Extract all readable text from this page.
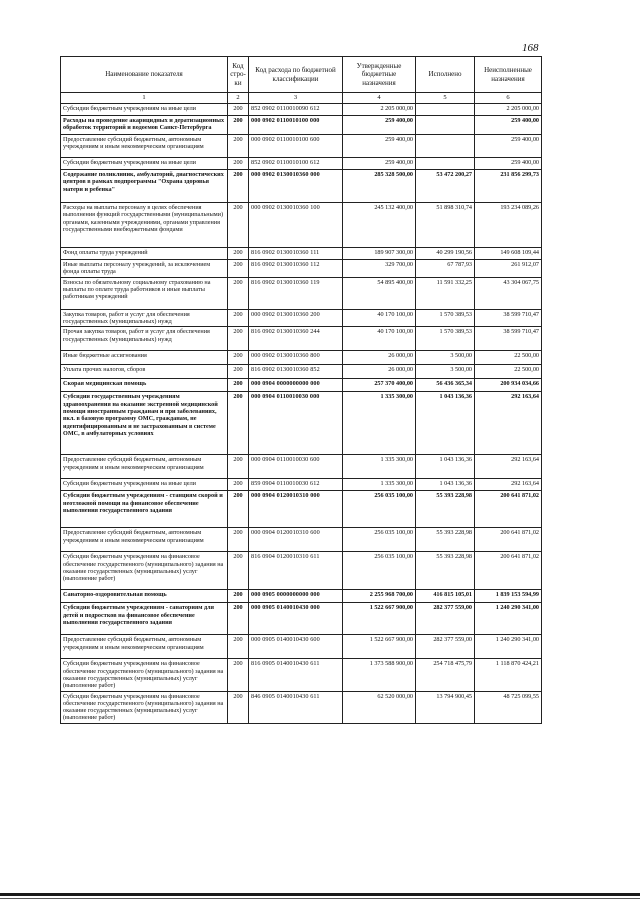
168
Наименование показателя	Код стро-ки	Код расхода по бюджетной классификации	Утвержденные бюджетные назначения	Исполнено	Неисполненные назначения
1	2	3	4	5	6
Субсидии бюджетным учреждениям на иные цели	200	852 0902 0110010090 612	2 205 000,00		2 205 000,00
Расходы на проведение акарицидных и дератизационных обработок территорий и водоемов Санкт-Петербурга	200	000 0902 0110010100 000	259 400,00		259 400,00
Предоставление субсидий бюджетным, автономным учреждениям и иным некоммерческим организациям	200	000 0902 0110010100 600	259 400,00		259 400,00
Субсидии бюджетным учреждениям на иные цели	200	852 0902 0110010100 612	259 400,00		259 400,00
Содержание поликлиник, амбулаторий, диагностических центров в рамках подпрограммы "Охрана здоровья матери и ребенка"	200	000 0902 0130010360 000	285 328 500,00	53 472 200,27	231 856 299,73
Расходы на выплаты персоналу в целях обеспечения выполнения функций государственными (муниципальными) органами, казенными учреждениями, органами управления государственными внебюджетными фондами	200	000 0902 0130010360 100	245 132 400,00	51 898 310,74	193 234 089,26
Фонд оплаты труда учреждений	200	816 0902 0130010360 111	189 907 300,00	40 299 190,56	149 608 109,44
Иные выплаты персоналу учреждений, за исключением фонда оплаты труда	200	816 0902 0130010360 112	329 700,00	67 787,93	261 912,07
Взносы по обязательному социальному страхованию на выплаты по оплате труда работников и иные выплаты работникам учреждений	200	816 0902 0130010360 119	54 895 400,00	11 591 332,25	43 304 067,75
Закупка товаров, работ и услуг для обеспечения государственных (муниципальных) нужд	200	000 0902 0130010360 200	40 170 100,00	1 570 389,53	38 599 710,47
Прочая закупка товаров, работ и услуг для обеспечения государственных (муниципальных) нужд	200	816 0902 0130010360 244	40 170 100,00	1 570 389,53	38 599 710,47
Иные бюджетные ассигнования	200	000 0902 0130010360 800	26 000,00	3 500,00	22 500,00
Уплата прочих налогов, сборов	200	816 0902 0130010360 852	26 000,00	3 500,00	22 500,00
Скорая медицинская помощь	200	000 0904 0000000000 000	257 370 400,00	56 436 365,34	200 934 034,66
Субсидии государственным учреждениям здравоохранения на оказание экстренной медицинской помощи иностранным гражданам и при заболеваниях, вкл. в базовую программу ОМС, гражданам, не идентифицированным и не застрахованным в системе ОМС, в амбулаторных условиях	200	000 0904 0110010030 000	1 335 300,00	1 043 136,36	292 163,64
Предоставление субсидий бюджетным, автономным учреждениям и иным некоммерческим организациям	200	000 0904 0110010030 600	1 335 300,00	1 043 136,36	292 163,64
Субсидии бюджетным учреждениям на иные цели	200	859 0904 0110010030 612	1 335 300,00	1 043 136,36	292 163,64
Субсидии бюджетным учреждениям - станциям скорой и неотложной помощи на финансовое обеспечение выполнения государственного задания	200	000 0904 0120010310 000	256 035 100,00	55 393 228,98	200 641 871,02
Предоставление субсидий бюджетным, автономным учреждениям и иным некоммерческим организациям	200	000 0904 0120010310 600	256 035 100,00	55 393 228,98	200 641 871,02
Субсидии бюджетным учреждениям на финансовое обеспечение государственного (муниципального) задания на оказание государственных (муниципальных) услуг (выполнение работ)	200	816 0904 0120010310 611	256 035 100,00	55 393 228,98	200 641 871,02
Санаторно-оздоровительная помощь	200	000 0905 0000000000 000	2 255 968 700,00	416 815 105,01	1 839 153 594,99
Субсидии бюджетным учреждениям - санаториям для детей и подростков на финансовое обеспечение выполнения государственного задания	200	000 0905 0140010430 000	1 522 667 900,00	282 377 559,00	1 240 290 341,00
Предоставление субсидий бюджетным, автономным учреждениям и иным некоммерческим организациям	200	000 0905 0140010430 600	1 522 667 900,00	282 377 559,00	1 240 290 341,00
Субсидии бюджетным учреждениям на финансовое обеспечение государственного (муниципального) задания на оказание государственных (муниципальных) услуг (выполнение работ)	200	816 0905 0140010430 611	1 373 588 900,00	254 718 475,79	1 118 870 424,21
Субсидии бюджетным учреждениям на финансовое обеспечение государственного (муниципального) задания на оказание государственных (муниципальных) услуг (выполнение работ)	200	846 0905 0140010430 611	62 520 000,00	13 794 900,45	48 725 099,55
